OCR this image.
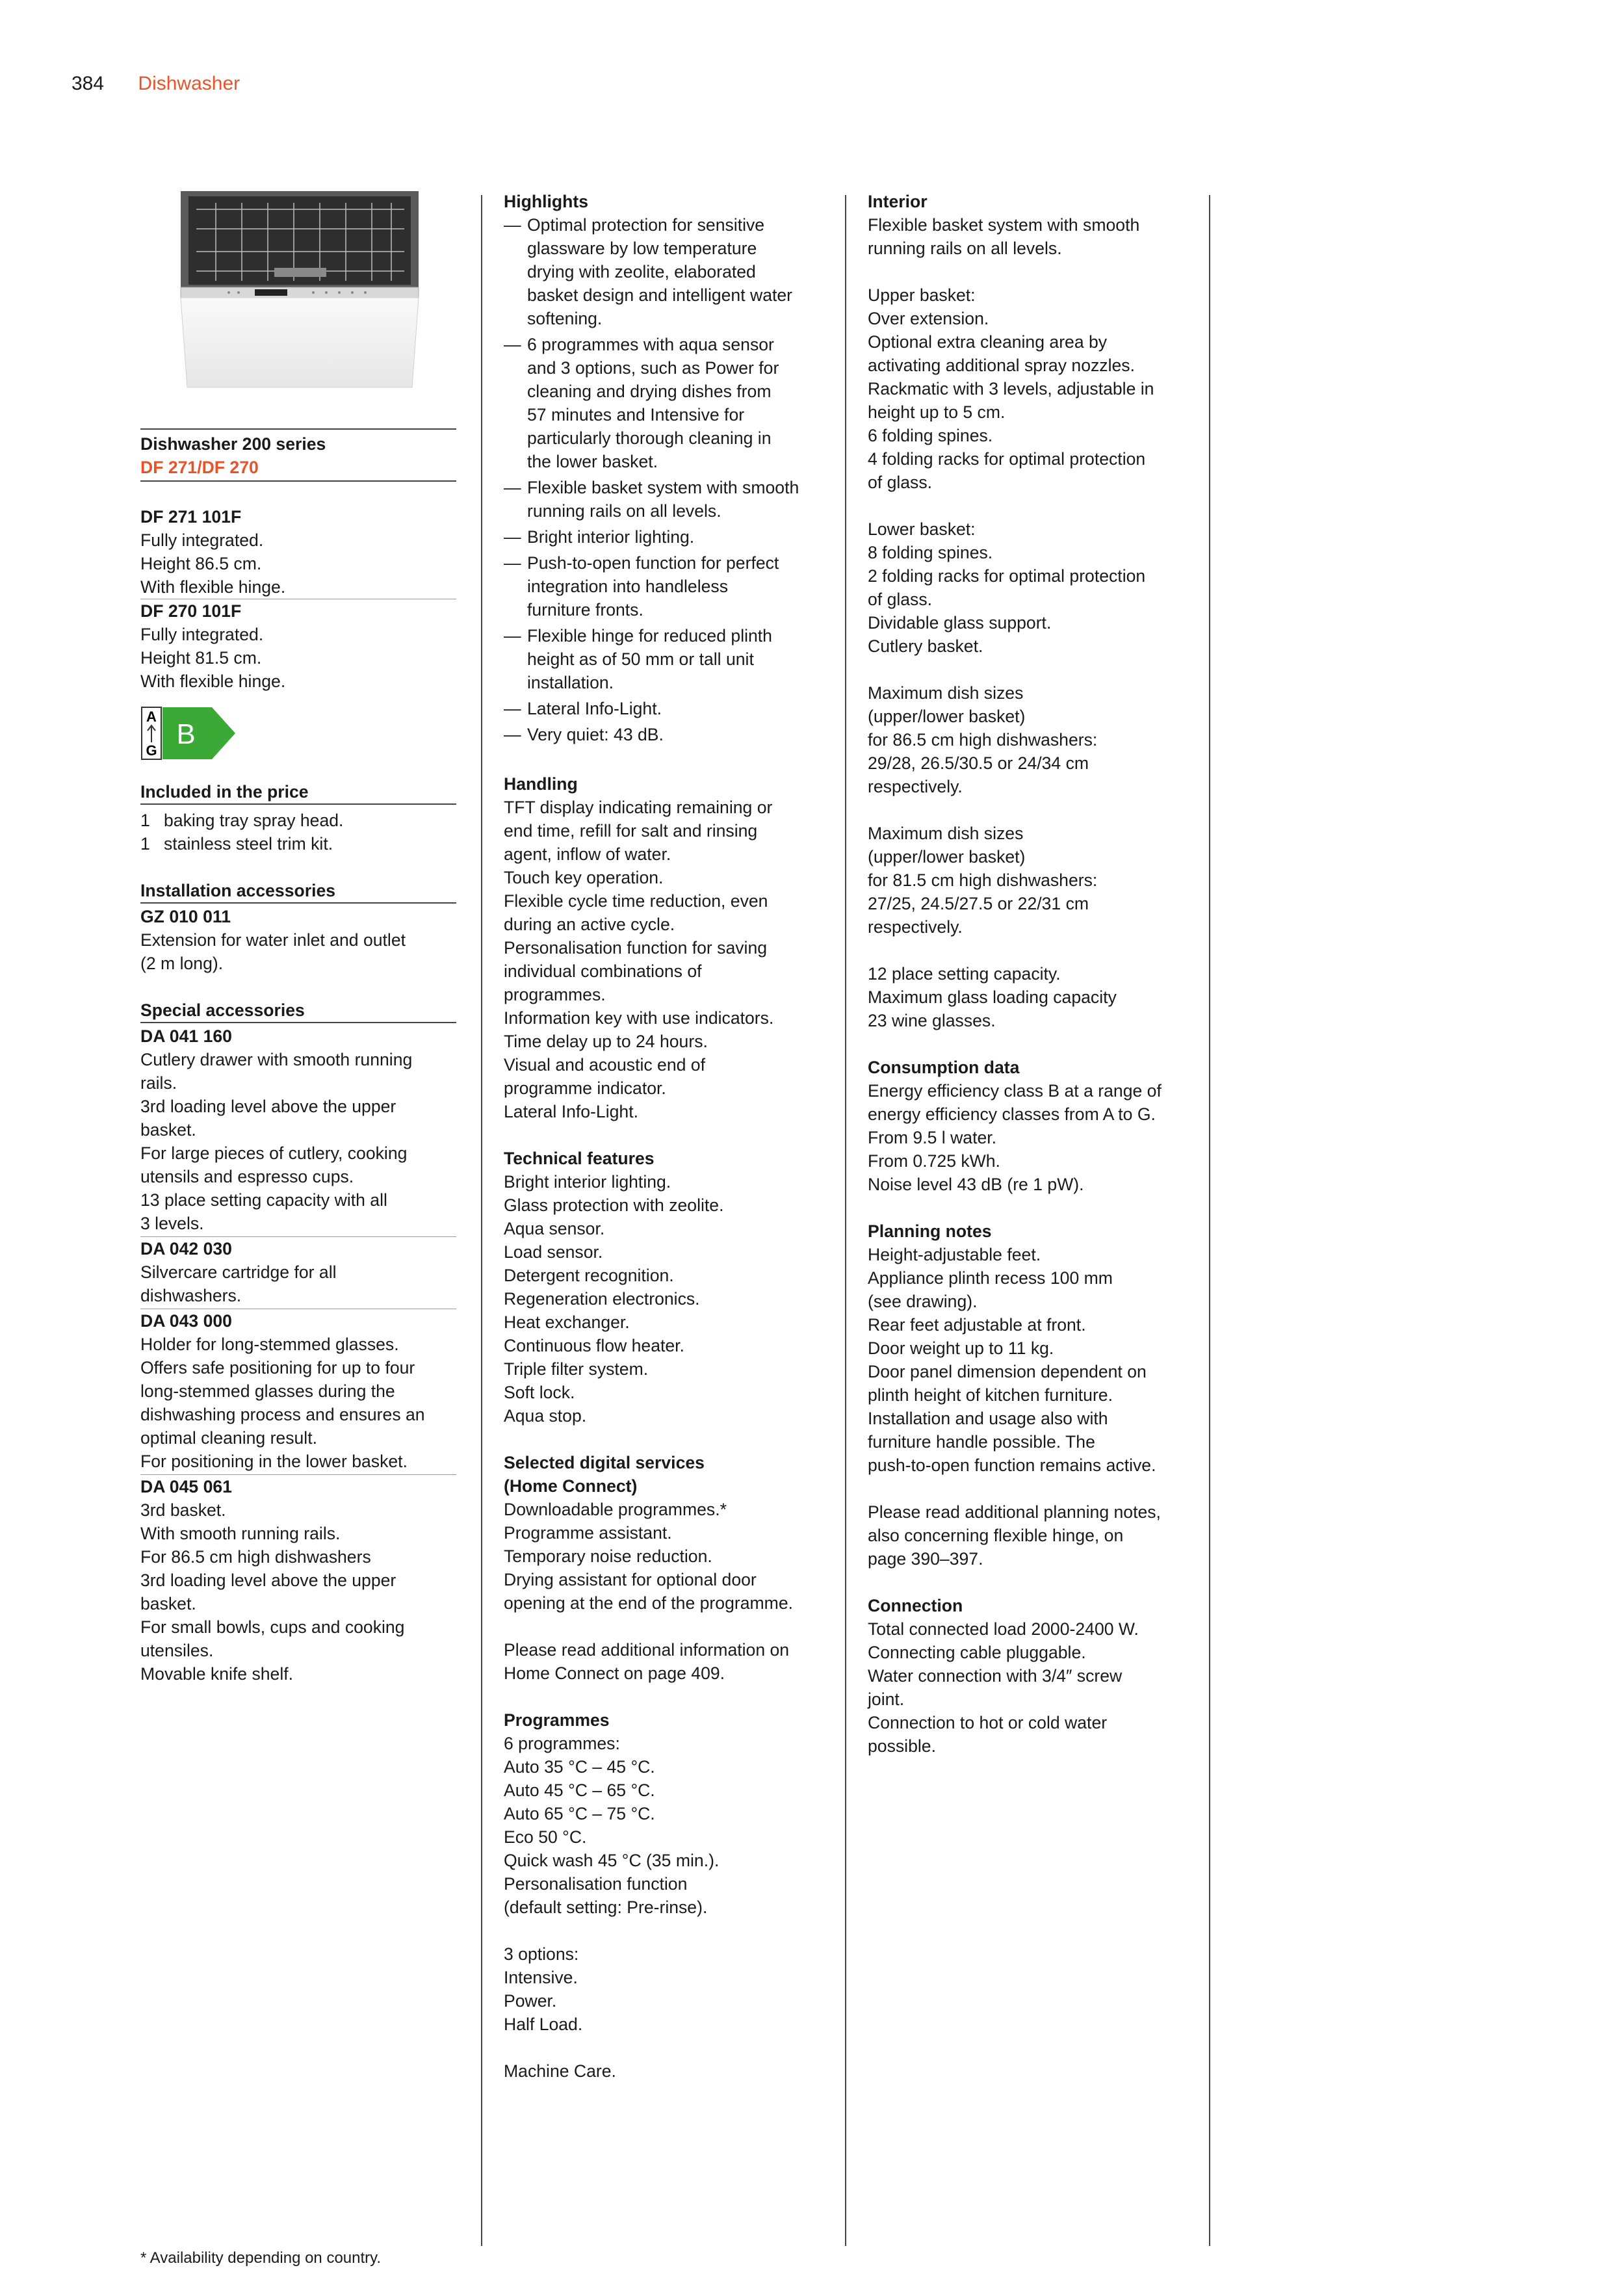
384 Dishwasher
Dishwasher 200 series
DF 271/DF 270
DF 271 101F
Fully integrated.
Height 86.5 cm.
With flexible hinge.
DF 270 101F
Fully integrated.
Height 81.5 cm.
With flexible hinge.
A
G
B
Included in the price
1 baking tray spray head.
1 stainless steel trim kit.
Installation accessories
GZ 010 011
Extension for water inlet and outlet
(2 m long).
Special accessories
DA 041 160
Cutlery drawer with smooth running
rails.
3rd loading level above the upper
basket.
For large pieces of cutlery, cooking
utensils and espresso cups.
13 place setting capacity with all
3 levels.
DA 042 030
Silvercare cartridge for all
dishwashers.
DA 043 000
Holder for long-stemmed glasses.
Offers safe positioning for up to four
long-stemmed glasses during the
dishwashing process and ensures an
optimal cleaning result.
For positioning in the lower basket.
DA 045 061
3rd basket.
With smooth running rails.
For 86.5 cm high dishwashers
3rd loading level above the upper
basket.
For small bowls, cups and cooking
utensiles.
Movable knife shelf.
Highlights
— Optimal protection for sensitive
glassware by low temperature
drying with zeolite, elaborated
basket design and intelligent water
softening.
— 6 programmes with aqua sensor
and 3 options, such as Power for
cleaning and drying dishes from
57 minutes and Intensive for
particularly thorough cleaning in
the lower basket.
— Flexible basket system with smooth
running rails on all levels.
— Bright interior lighting.
— Push-to-open function for perfect
integration into handleless
furniture fronts.
— Flexible hinge for reduced plinth
height as of 50 mm or tall unit
installation.
— Lateral Info-Light.
— Very quiet: 43 dB.
Handling
TFT display indicating remaining or
end time, refill for salt and rinsing
agent, inflow of water.
Touch key operation.
Flexible cycle time reduction, even
during an active cycle.
Personalisation function for saving
individual combinations of
programmes.
Information key with use indicators.
Time delay up to 24 hours.
Visual and acoustic end of
programme indicator.
Lateral Info-Light.
Technical features
Bright interior lighting.
Glass protection with zeolite.
Aqua sensor.
Load sensor.
Detergent recognition.
Regeneration electronics.
Heat exchanger.
Continuous flow heater.
Triple filter system.
Soft lock.
Aqua stop.
Selected digital services
(Home Connect)
Downloadable programmes.*
Programme assistant.
Temporary noise reduction.
Drying assistant for optional door
opening at the end of the programme.
Please read additional information on
Home Connect on page 409.
Programmes
6 programmes:
Auto 35 °C – 45 °C.
Auto 45 °C – 65 °C.
Auto 65 °C – 75 °C.
Eco 50 °C.
Quick wash 45 °C (35 min.).
Personalisation function
(default setting: Pre-rinse).
3 options:
Intensive.
Power.
Half Load.
Machine Care.
Interior
Flexible basket system with smooth
running rails on all levels.
Upper basket:
Over extension.
Optional extra cleaning area by
activating additional spray nozzles.
Rackmatic with 3 levels, adjustable in
height up to 5 cm.
6 folding spines.
4 folding racks for optimal protection
of glass.
Lower basket:
8 folding spines.
2 folding racks for optimal protection
of glass.
Dividable glass support.
Cutlery basket.
Maximum dish sizes
(upper/lower basket)
for 86.5 cm high dishwashers:
29/28, 26.5/30.5 or 24/34 cm
respectively.
Maximum dish sizes
(upper/lower basket)
for 81.5 cm high dishwashers:
27/25, 24.5/27.5 or 22/31 cm
respectively.
12 place setting capacity.
Maximum glass loading capacity
23 wine glasses.
Consumption data
Energy efficiency class B at a range of
energy efficiency classes from A to G.
From 9.5 l water.
From 0.725 kWh.
Noise level 43 dB (re 1 pW).
Planning notes
Height-adjustable feet.
Appliance plinth recess 100 mm
(see drawing).
Rear feet adjustable at front.
Door weight up to 11 kg.
Door panel dimension dependent on
plinth height of kitchen furniture.
Installation and usage also with
furniture handle possible. The
push-to-open function remains active.
Please read additional planning notes,
also concerning flexible hinge, on
page 390–397.
Connection
Total connected load 2000-2400 W.
Connecting cable pluggable.
Water connection with 3/4″ screw
joint.
Connection to hot or cold water
possible.
* Availability depending on country.
